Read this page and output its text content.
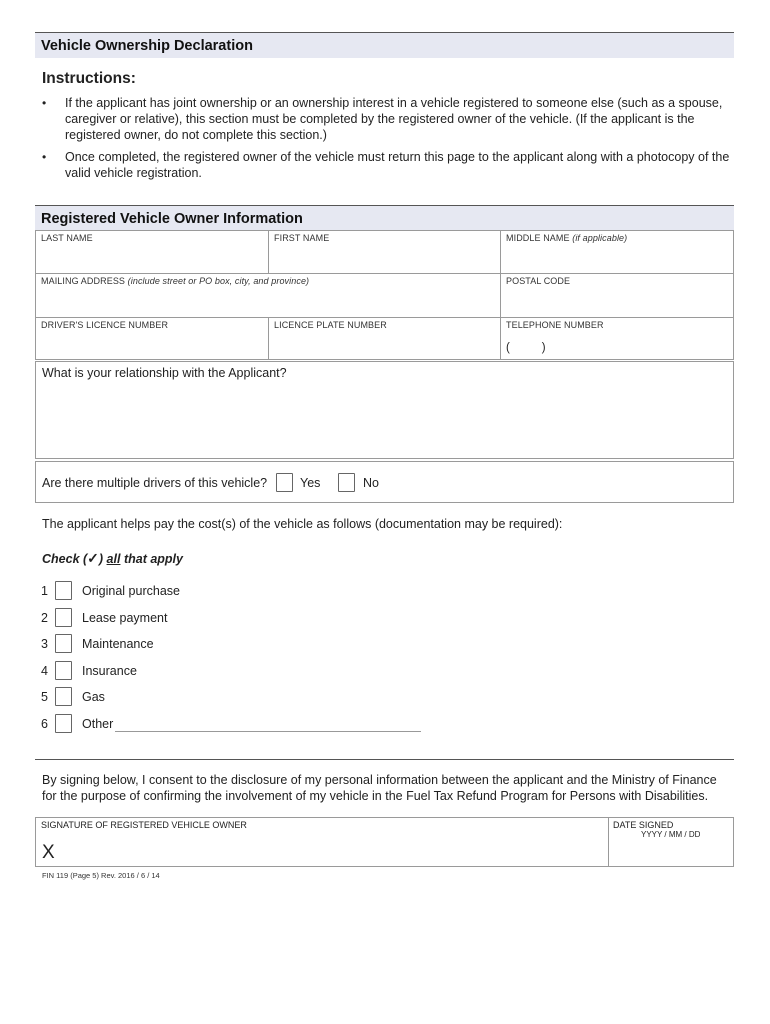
Vehicle Ownership Declaration
Instructions:
• If the applicant has joint ownership or an ownership interest in a vehicle registered to someone else (such as a spouse, caregiver or relative), this section must be completed by the registered owner of the vehicle. (If the applicant is the registered owner, do not complete this section.)
• Once completed, the registered owner of the vehicle must return this page to the applicant along with a photocopy of the valid vehicle registration.
Registered Vehicle Owner Information
LAST NAME	FIRST NAME	MIDDLE NAME (if applicable)
MAILING ADDRESS (include street or PO box, city, and province)	POSTAL CODE
DRIVER'S LICENCE NUMBER	LICENCE PLATE NUMBER	TELEPHONE NUMBER
(          )
What is your relationship with the Applicant?
Are there multiple drivers of this vehicle?	Yes	No
The applicant helps pay the cost(s) of the vehicle as follows (documentation may be required):
Check (✓) all that apply
1	Original purchase
2	Lease payment
3	Maintenance
4	Insurance
5	Gas
6	Other
By signing below, I consent to the disclosure of my personal information between the applicant and the Ministry of Finance for the purpose of confirming the involvement of my vehicle in the Fuel Tax Refund Program for Persons with Disabilities.
SIGNATURE OF REGISTERED VEHICLE OWNER
X
DATE SIGNED
YYYY / MM / DD
FIN 119 (Page 5) Rev. 2016 / 6 / 14
